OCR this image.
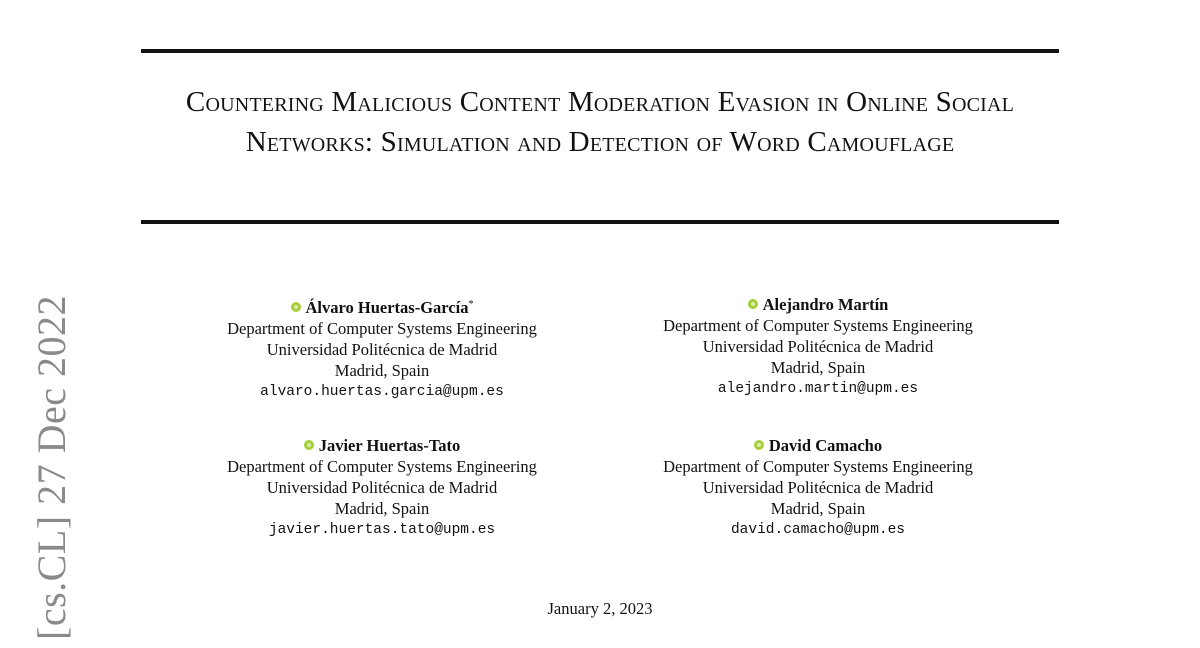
[cs.CL] 27 Dec 2022
Countering Malicious Content Moderation Evasion in Online Social Networks: Simulation and Detection of Word Camouflage
Álvaro Huertas-García*
Department of Computer Systems Engineering
Universidad Politécnica de Madrid
Madrid, Spain
alvaro.huertas.garcia@upm.es
Alejandro Martín
Department of Computer Systems Engineering
Universidad Politécnica de Madrid
Madrid, Spain
alejandro.martin@upm.es
Javier Huertas-Tato
Department of Computer Systems Engineering
Universidad Politécnica de Madrid
Madrid, Spain
javier.huertas.tato@upm.es
David Camacho
Department of Computer Systems Engineering
Universidad Politécnica de Madrid
Madrid, Spain
david.camacho@upm.es
January 2, 2023
